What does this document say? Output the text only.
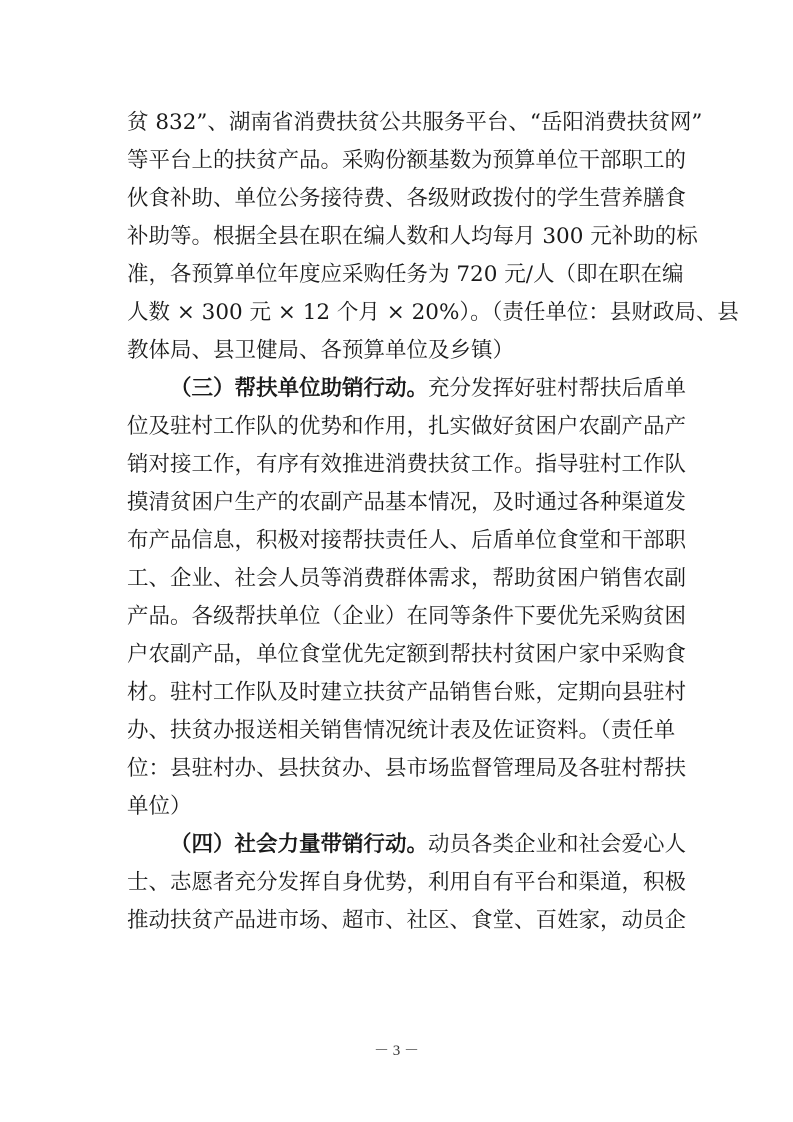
贫 832”、湖南省消费扶贫公共服务平台、“岳阳消费扶贫网”

等平台上的扶贫产品。采购份额基数为预算单位干部职工的

伙食补助、单位公务接待费、各级财政拨付的学生营养膳食

补助等。根据全县在职在编人数和人均每月 300 元补助的标

准，各预算单位年度应采购任务为 720 元/人（即在职在编

人数 × 300 元 × 12 个月 × 20%）。（责任单位：县财政局、县

教体局、县卫健局、各预算单位及乡镇）

（三）帮扶单位助销行动。充分发挥好驻村帮扶后盾单

位及驻村工作队的优势和作用，扎实做好贫困户农副产品产

销对接工作，有序有效推进消费扶贫工作。指导驻村工作队

摸清贫困户生产的农副产品基本情况，及时通过各种渠道发

布产品信息，积极对接帮扶责任人、后盾单位食堂和干部职

工、企业、社会人员等消费群体需求，帮助贫困户销售农副

产品。各级帮扶单位（企业）在同等条件下要优先采购贫困

户农副产品，单位食堂优先定额到帮扶村贫困户家中采购食

材。驻村工作队及时建立扶贫产品销售台账，定期向县驻村

办、扶贫办报送相关销售情况统计表及佐证资料。（责任单

位：县驻村办、县扶贫办、县市场监督管理局及各驻村帮扶

单位）

（四）社会力量带销行动。动员各类企业和社会爱心人

士、志愿者充分发挥自身优势，利用自有平台和渠道，积极

推动扶贫产品进市场、超市、社区、食堂、百姓家，动员企

－ 3 －
